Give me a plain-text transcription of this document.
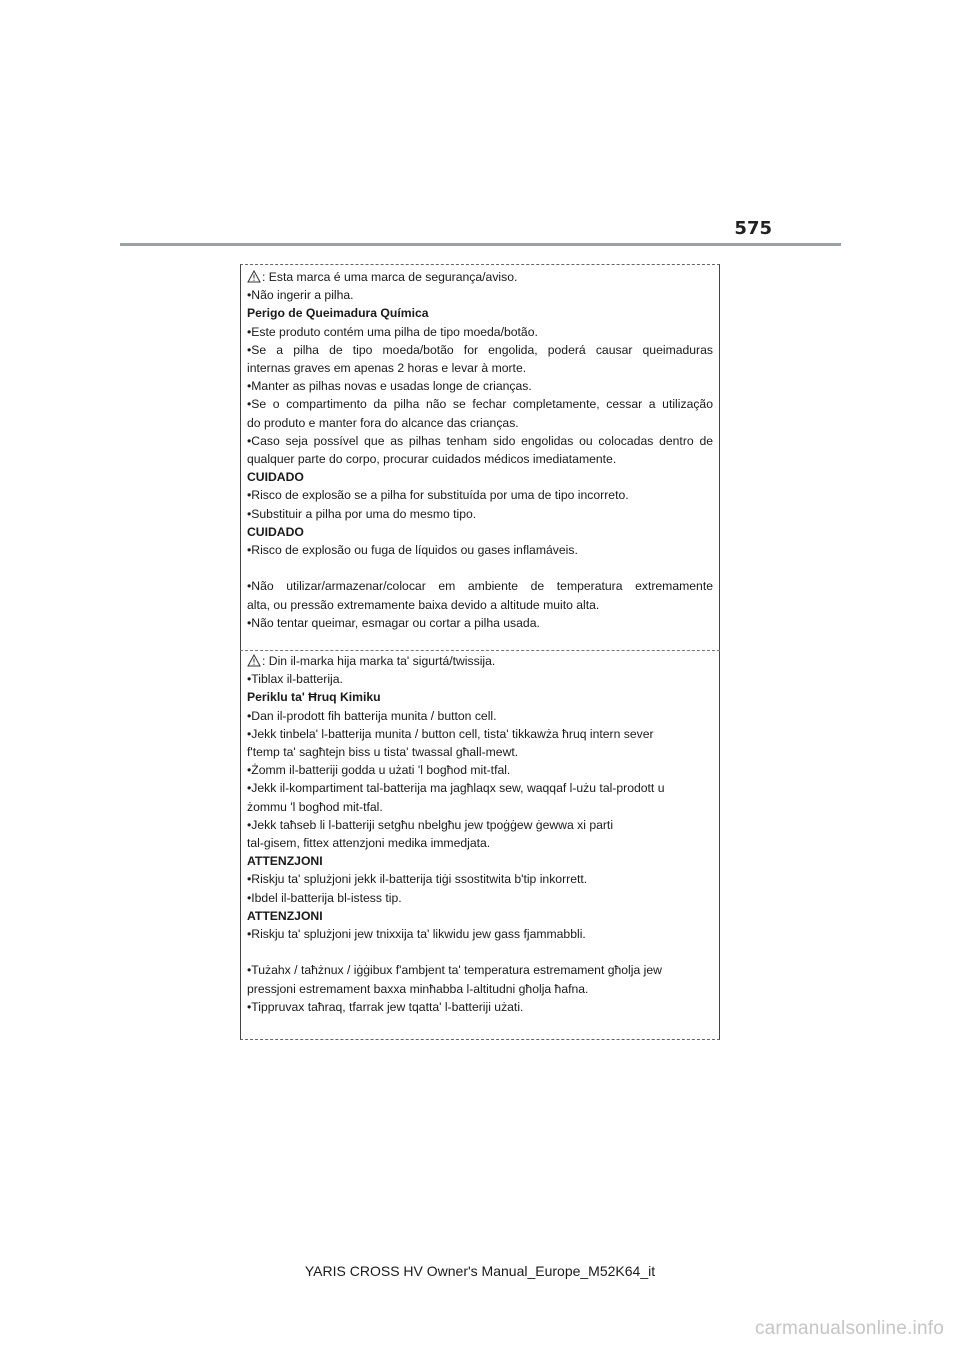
575
: Esta marca é uma marca de segurança/aviso.
•Não ingerir a pilha.
Perigo de Queimadura Química
•Este produto contém uma pilha de tipo moeda/botão.
•Se a pilha de tipo moeda/botão for engolida, poderá causar queimaduras
internas graves em apenas 2 horas e levar à morte.
•Manter as pilhas novas e usadas longe de crianças.
•Se o compartimento da pilha não se fechar completamente, cessar a utilização
do produto e manter fora do alcance das crianças.
•Caso seja possível que as pilhas tenham sido engolidas ou colocadas dentro de
qualquer parte do corpo, procurar cuidados médicos imediatamente.
CUIDADO
•Risco de explosão se a pilha for substituída por uma de tipo incorreto.
•Substituir a pilha por uma do mesmo tipo.
CUIDADO
•Risco de explosão ou fuga de líquidos ou gases inflamáveis.
•Não utilizar/armazenar/colocar em ambiente de temperatura extremamente
alta, ou pressão extremamente baixa devido a altitude muito alta.
•Não tentar queimar, esmagar ou cortar a pilha usada.
: Din il-marka hija marka ta' sigurtá/twissija.
•Tiblax il-batterija.
Periklu ta' Ħruq Kimiku
•Dan il-prodott fih batterija munita / button cell.
•Jekk tinbela' l-batterija munita / button cell, tista' tikkawża ħruq intern sever
f'temp ta' sagħtejn biss u tista' twassal għall-mewt.
•Żomm il-batteriji godda u użati 'l bogħod mit-tfal.
•Jekk il-kompartiment tal-batterija ma jagħlaqx sew, waqqaf l-użu tal-prodott u
żommu 'l bogħod mit-tfal.
•Jekk taħseb li l-batteriji setgħu nbelgħu jew tpoġġew ġewwa xi parti
tal-gisem, fittex attenzjoni medika immedjata.
ATTENZJONI
•Riskju ta' splużjoni jekk il-batterija tiġi ssostitwita b'tip inkorrett.
•Ibdel il-batterija bl-istess tip.
ATTENZJONI
•Riskju ta' splużjoni jew tnixxija ta' likwidu jew gass fjammabbli.
•Tużahx / taħżnux / iġġibux f'ambjent ta' temperatura estremament għolja jew
pressjoni estremament baxxa minħabba l-altitudni għolja ħafna.
•Tippruvax taħraq, tfarrak jew tqatta' l-batteriji użati.
YARIS CROSS HV Owner's Manual_Europe_M52K64_it
carmanualsonline.info
